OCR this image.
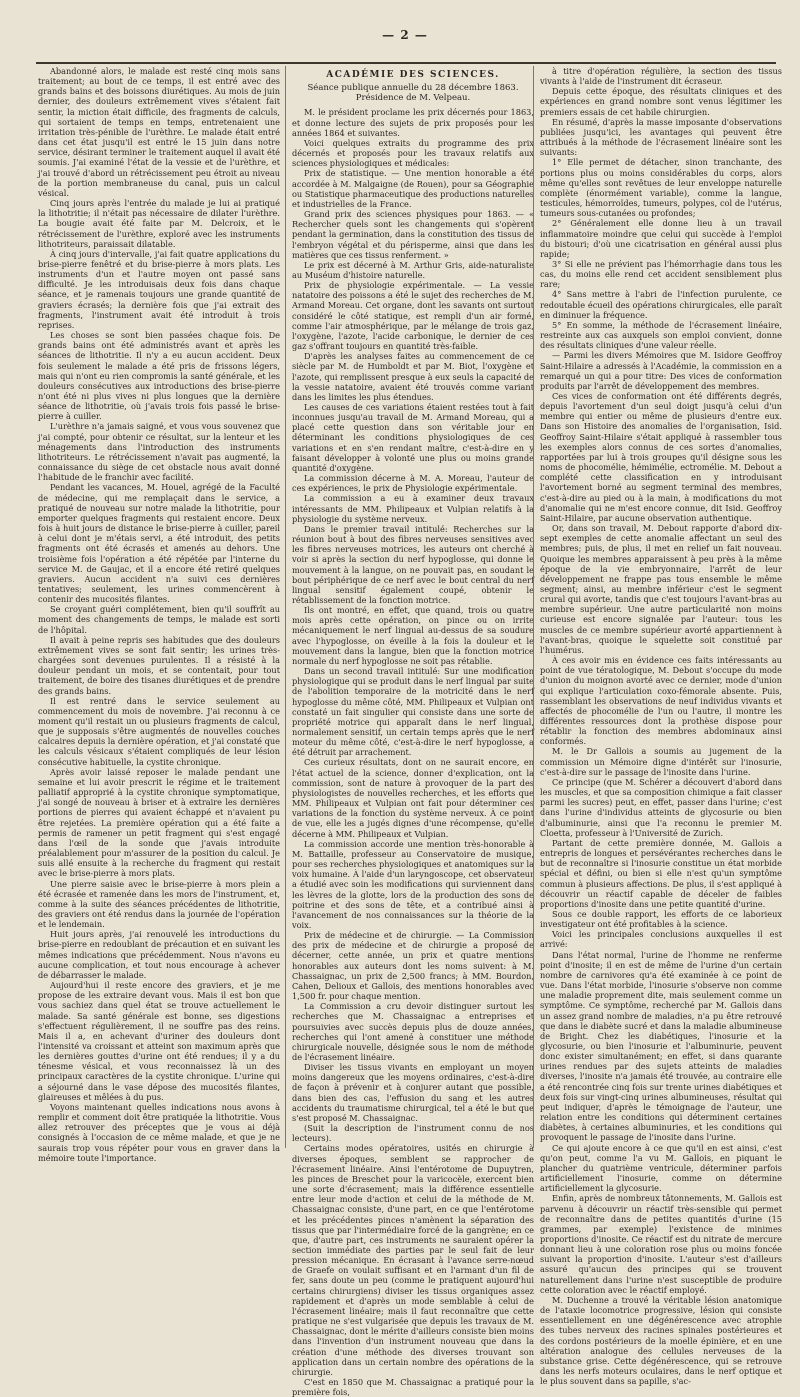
— 2 —

Abandonné alors, le malade est resté cinq mois sans traitement; au bout de ce temps, il est entré avec des grands bains et des boissons diurétiques. Au mois de juin dernier, des douleurs extrêmement vives s'étaient fait sentir, la miction était difficile, des fragments de calculs, qui sortaient de temps en temps, entretenaient une irritation très-pénible de l'urèthre. Le malade était entré dans cet état jusqu'il est entré le 15 juin dans notre service, désirant terminer le traitement auquel il avait été soumis. J'ai examiné l'état de la vessie et de l'urèthre, et j'ai trouvé d'abord un rétrécissement peu étroit au niveau de la portion membraneuse du canal, puis un calcul vésical.

Cinq jours après l'entrée du malade je lui ai pratiqué la lithotritie; il n'était pas nécessaire de dilater l'urèthre. La bougie avait été faite par M. Delcroix, et le rétrécissement de l'urèthre, exploré avec les instruments lithotriteurs, paraissait dilatable.

À cinq jours d'intervalle, j'ai fait quatre applications du brise-pierre fenêtré et du brise-pierre à mors plats. Les instruments d'un et l'autre moyen ont passé sans difficulté. Je les introduisais deux fois dans chaque séance, et je ramenais toujours une grande quantité de graviers écrasés; la dernière fois que j'ai extrait des fragments, l'instrument avait été introduit à trois reprises.

Les choses se sont bien passées chaque fois. De grands bains ont été administrés avant et après les séances de lithotritie. Il n'y a eu aucun accident. Deux fois seulement le malade a été pris de frissons légers, mais qui n'ont eu rien compromis la santé générale, et les douleurs consécutives aux introductions des brise-pierre n'ont été ni plus vives ni plus longues que la dernière séance de lithotritie, où j'avais trois fois passé le brise-pierre à cuiller.

L'urèthre n'a jamais saigné, et vous vous souvenez que j'ai compté, pour obtenir ce résultat, sur la lenteur et les ménagements dans l'introduction des instruments lithotriteurs. Le rétrécissement n'avait pas augmenté, la connaissance du siège de cet obstacle nous avait donné l'habitude de le franchir avec facilité.

Pendant les vacances, M. Houel, agrégé de la Faculté de médecine, qui me remplaçait dans le service, a pratiqué de nouveau sur notre malade la lithotritie, pour emporter quelques fragments qui restaient encore. Deux fois à huit jours de distance le brise-pierre à cuiller, pareil à celui dont je m'étais servi, a été introduit, des petits fragments ont été écrasés et amenés au dehors. Une troisième fois l'opération a été répétée par l'interne du service M. de Gaujac, et il a encore été retiré quelques graviers. Aucun accident n'a suivi ces dernières tentatives; seulement, les urines commencèrent à contenir des mucosités filantes.

Se croyant guéri complétement, bien qu'il souffrît au moment des changements de temps, le malade est sorti de l'hôpital.

Il avait à peine repris ses habitudes que des douleurs extrêmement vives se sont fait sentir; les urines très-chargées sont devenues purulentes. Il a résisté à la douleur pendant un mois, et se contentait, pour tout traitement, de boire des tisanes diurétiques et de prendre des grands bains.

Il est rentré dans le service seulement au commencement du mois de novembre. J'ai reconnu à ce moment qu'il restait un ou plusieurs fragments de calcul, que je supposais s'être augmentés de nouvelles couches calcaires depuis la dernière opération, et j'ai constaté que les calculs vésicaux s'étaient compliqués de leur lésion consécutive habituelle, la cystite chronique.

Après avoir laissé reposer le malade pendant une semaine et lui avoir prescrit le régime et le traitement palliatif approprié à la cystite chronique symptomatique, j'ai songé de nouveau à briser et à extraire les dernières portions de pierres qui avaient échappé et n'avaient pu être rejetées. La première opération qui a été faite a permis de ramener un petit fragment qui s'est engagé dans l'œil de la sonde que j'avais introduite préalablement pour m'assurer de la position du calcul. Je suis allé ensuite à la recherche du fragment qui restait avec le brise-pierre à mors plats.

Une pierre saisie avec le brise-pierre à mors plein a été écrasée et ramenée dans les mors de l'instrument, et, comme à la suite des séances précédentes de lithotritie, des graviers ont été rendus dans la journée de l'opération et le lendemain.

Huit jours après, j'ai renouvelé les introductions du brise-pierre en redoublant de précaution et en suivant les mêmes indications que précédemment. Nous n'avons eu aucune complication, et tout nous encourage à achever de débarrasser le malade.

Aujourd'hui il reste encore des graviers, et je me propose de les extraire devant vous. Mais il est bon que vous sachiez dans quel état se trouve actuellement le malade. Sa santé générale est bonne, ses digestions s'effectuent régulièrement, il ne souffre pas des reins. Mais il a, en achevant d'uriner des douleurs dont l'intensité va croissant et atteint son maximum après que les dernières gouttes d'urine ont été rendues; il y a du ténesme vésical, et vous reconnaissez là un des principaux caractères de la cystite chronique. L'urine qui a séjourné dans le vase dépose des mucosités filantes, glaireuses et mêlées à du pus.

Voyons maintenant quelles indications nous avons à remplir et comment doit être pratiquée la lithotritie. Vous allez retrouver des préceptes que je vous ai déjà consignés à l'occasion de ce même malade, et que je ne saurais trop vous répéter pour vous en graver dans la mémoire toute l'importance.

ACADÉMIE DES SCIENCES.
Séance publique annuelle du 28 décembre 1863.
Présidence de M. Velpeau.

M. le président proclame les prix décernés pour 1863, et donne lecture des sujets de prix proposés pour les années 1864 et suivantes.

Voici quelques extraits du programme des prix décernés et proposés pour les travaux relatifs aux sciences physiologiques et médicales:

Prix de statistique. — Une mention honorable a été accordée à M. Malgaigne (de Rouen), pour sa Géographie ou Statistique pharmaceutique des productions naturelles et industrielles de la France.

Grand prix des sciences physiques pour 1863. — « Rechercher quels sont les changements qui s'opèrent pendant la germination, dans la constitution des tissus de l'embryon végétal et du périsperme, ainsi que dans les matières que ces tissus renferment. »

Le prix est décerné à M. Arthur Gris, aide-naturaliste au Muséum d'histoire naturelle.

Prix de physiologie expérimentale. — La vessie natatoire des poissons a été le sujet des recherches de M. Armand Moreau. Cet organe, dont les savants ont surtout considéré le côté statique, est rempli d'un air formé, comme l'air atmosphérique, par le mélange de trois gaz, l'oxygène, l'azote, l'acide carbonique, le dernier de ces gaz s'offrant toujours en quantité très-faible.

D'après les analyses faites au commencement de ce siècle par M. de Humboldt et par M. Biot, l'oxygène et l'azote, qui remplissent presque à eux seuls la capacité de la vessie natatoire, avaient été trouvés comme variant dans les limites les plus étendues.

Les causes de ces variations étaient restées tout à fait inconnues jusqu'au travail de M. Armand Moreau, qui a placé cette question dans son véritable jour en déterminant les conditions physiologiques de ces variations et en s'en rendant maître, c'est-à-dire en y faisant développer à volonté une plus ou moins grande quantité d'oxygène.

La commission décerne à M. A. Moreau, l'auteur de ces expériences, le prix de Physiologie expérimentale.

La commission a eu à examiner deux travaux intéressants de MM. Philipeaux et Vulpian relatifs à la physiologie du système nerveux.

Dans le premier travail intitulé: Recherches sur la réunion bout à bout des fibres nerveuses sensitives avec les fibres nerveuses motrices, les auteurs ont cherché à voir si après la section du nerf hypoglosse, qui donne le mouvement à la langue, on ne pouvait pas, en soudant le bout périphérique de ce nerf avec le bout central du nerf lingual sensitif également coupé, obtenir le rétablissement de la fonction motrice.

Ils ont montré, en effet, que quand, trois ou quatre mois après cette opération, on pince ou on irrite mécaniquement le nerf lingual au-dessus de sa soudure avec l'hypoglosse, on éveille à la fois la douleur et le mouvement dans la langue, bien que la fonction motrice normale du nerf hypoglosse ne soit pas rétablie.

Dans un second travail intitulé: Sur une modification physiologique qui se produit dans le nerf lingual par suite de l'abolition temporaire de la motricité dans le nerf hypoglosse du même côté, MM. Philipeaux et Vulpian ont constaté un fait singulier qui consiste dans une sorte de propriété motrice qui apparaît dans le nerf lingual, normalement sensitif, un certain temps après que le nerf moteur du même côté, c'est-à-dire le nerf hypoglosse, a été détruit par arrachement.

Ces curieux résultats, dont on ne saurait encore, en l'état actuel de la science, donner d'explication, ont la commission, sont de nature à provoquer de la part des physiologistes de nouvelles recherches, et les efforts que MM. Philipeaux et Vulpian ont fait pour déterminer ces variations de la fonction du système nerveux. À ce point de vue, elle les a jugés dignes d'une récompense, qu'elle décerne à MM. Philipeaux et Vulpian.

La commission accorde une mention très-honorable à M. Battaille, professeur au Conservatoire de musique, pour ses recherches physiologiques et anatomiques sur la voix humaine. À l'aide d'un laryngoscope, cet observateur a étudié avec soin les modifications qui surviennent dans les lèvres de la glotte, lors de la production des sons de poitrine et des sons de tête, et a contribué ainsi à l'avancement de nos connaissances sur la théorie de la voix.

Prix de médecine et de chirurgie. — La Commission des prix de médecine et de chirurgie a proposé de décerner, cette année, un prix et quatre mentions honorables aux auteurs dont les noms suivent: à M. Chassaignac, un prix de 2,500 francs; à MM. Bourdon, Cahen, Delioux et Gallois, des mentions honorables avec 1,500 fr. pour chaque mention.

La Commission a cru devoir distinguer surtout les recherches que M. Chassaignac a entreprises et poursuivies avec succès depuis plus de douze années, recherches qui l'ont amené à constituer une méthode chirurgicale nouvelle, désignée sous le nom de méthode de l'écrasement linéaire.

Diviser les tissus vivants en employant un moyen moins dangereux que les moyens ordinaires, c'est-à-dire de façon à prévenir et à conjurer autant que possible, dans bien des cas, l'effusion du sang et les autres accidents du traumatisme chirurgical, tel a été le but que s'est proposé M. Chassaignac.

(Suit la description de l'instrument connu de nos lecteurs).

Certains modes opératoires, usités en chirurgie à diverses époques, semblent se rapprocher de l'écrasement linéaire. Ainsi l'entérotome de Dupuytren, les pinces de Breschet pour la varicocèle, exercent bien une sorte d'écrasement; mais la différence essentielle entre leur mode d'action et celui de la méthode de M. Chassaignac consiste, d'une part, en ce que l'entérotome et les précédentes pinces n'amènent la séparation des tissus que par l'intermédiaire forcé de la gangrène; en ce que, d'autre part, ces instruments ne sauraient opérer la section immédiate des parties par le seul fait de leur pression mécanique. En écrasant à l'avance serre-nœud de Graefe on voulait suffisant et en l'armant d'un fil de fer, sans doute un peu (comme le pratiquent aujourd'hui certains chirurgiens) diviser les tissus organiques assez rapidement et d'après un mode semblable à celui de l'écrasement linéaire; mais il faut reconnaître que cette pratique ne s'est vulgarisée que depuis les travaux de M. Chassaignac, dont le mérite d'ailleurs consiste bien moins dans l'invention d'un instrument nouveau que dans la création d'une méthode des diverses trouvant son application dans un certain nombre des opérations de la chirurgie.

C'est en 1850 que M. Chassaignac a pratiqué pour la première fois,

à titre d'opération régulière, la section des tissus vivants à l'aide de l'instrument dit écraseur.

Depuis cette époque, des résultats cliniques et des expériences en grand nombre sont venus légitimer les premiers essais de cet habile chirurgien.

En résumé, d'après la masse imposante d'observations publiées jusqu'ici, les avantages qui peuvent être attribués à la méthode de l'écrasement linéaire sont les suivants:

1° Elle permet de détacher, sinon tranchante, des portions plus ou moins considérables du corps, alors même qu'elles sont revêtues de leur enveloppe naturelle complète (énormément variable), comme la langue, testicules, hémorroïdes, tumeurs, polypes, col de l'utérus, tumeurs sous-cutanées ou profondes;

2° Généralement elle donne lieu à un travail inflammatoire moindre que celui qui succède à l'emploi du bistouri; d'où une cicatrisation en général aussi plus rapide;

3° Si elle ne prévient pas l'hémorrhagie dans tous les cas, du moins elle rend cet accident sensiblement plus rare;

4° Sans mettre à l'abri de l'infection purulente, ce redoutable écueil des opérations chirurgicales, elle paraît en diminuer la fréquence.

5° En somme, la méthode de l'écrasement linéaire, restreinte aux cas auxquels son emploi convient, donne des résultats cliniques d'une valeur réelle.

— Parmi les divers Mémoires que M. Isidore Geoffroy Saint-Hilaire a adressés à l'Académie, la commission en a remarqué un qui a pour titre: Des vices de conformation produits par l'arrêt de développement des membres.

Ces vices de conformation ont été différents degrés, depuis l'avortement d'un seul doigt jusqu'à celui d'un membre qui entier ou même de plusieurs d'entre eux. Dans son Histoire des anomalies de l'organisation, Isid. Geoffroy Saint-Hilaire s'était appliqué à rassembler tous les exemples alors connus de ces sortes d'anomalies, rapportées par lui à trois groupes qu'il désigne sous les noms de phocomélie, hémimélie, ectromélie. M. Debout a complété cette classification en y introduisant l'avortement borné au segment terminal des membres, c'est-à-dire au pied ou à la main, à modifications du mot d'anomalie qui ne m'est encore connue, dit Isid. Geoffroy Saint-Hilaire, par aucune observation authentique.

Or, dans son travail, M. Debout rapporte d'abord dix-sept exemples de cette anomalie affectant un seul des membres; puis, de plus, il met en relief un fait nouveau. Quoique les membres apparaissent à peu près à la même époque de la vie embryonnaire, l'arrêt de leur développement ne frappe pas tous ensemble le même segment; ainsi, au membre inférieur c'est le segment crural qui avorte, tandis que c'est toujours l'avant-bras au membre supérieur. Une autre particularité non moins curieuse est encore signalée par l'auteur: tous les muscles de ce membre supérieur avorté appartiennent à l'avant-bras, quoique le squelette soit constitué par l'humérus.

À ces avoir mis en évidence ces faits intéressants au point de vue tératologique, M. Debout s'occupe du mode d'union du moignon avorté avec ce dernier, mode d'union qui explique l'articulation coxo-fémorale absente. Puis, rassemblant les observations de neuf individus vivants et affectés de phocomélie de l'un ou l'autre, il montre les différentes ressources dont la prothèse dispose pour rétablir la fonction des membres abdominaux ainsi conformés.

M. le Dr Gallois a soumis au jugement de la commission un Mémoire digne d'intérêt sur l'inosurie, c'est-à-dire sur le passage de l'inosite dans l'urine.

Ce principe (que M. Schérer a découvert d'abord dans les muscles, et que sa composition chimique a fait classer parmi les sucres) peut, en effet, passer dans l'urine; c'est dans l'urine d'individus atteints de glycosurie ou bien d'albuminurie, ainsi que l'a reconnu le premier M. Cloetta, professeur à l'Université de Zurich.

Partant de cette première donnée, M. Gallois a entrepris de longues et persévérantes recherches dans le but de reconnaître si l'inosurie constitue un état morbide spécial et défini, ou bien si elle n'est qu'un symptôme commun à plusieurs affections. De plus, il s'est appliqué à découvrir un réactif capable de déceler de faibles proportions d'inosite dans une petite quantité d'urine.

Sous ce double rapport, les efforts de ce laborieux investigateur ont été profitables à la science.

Voici les principales conclusions auxquelles il est arrivé:

Dans l'état normal, l'urine de l'homme ne renferme point d'inosite; il en est de même de l'urine d'un certain nombre de carnivores qu'a été examinée à ce point de vue. Dans l'état morbide, l'inosurie s'observe non comme une maladie proprement dite, mais seulement comme un symptôme. Ce symptôme, recherché par M. Gallois dans un assez grand nombre de maladies, n'a pu être retrouvé que dans le diabète sucré et dans la maladie albumineuse de Bright. Chez les diabétiques, l'inosurie et la glycosurie, ou bien l'inosurie et l'albuminurie, peuvent donc exister simultanément; en effet, si dans quarante urines rendues par des sujets atteints de maladies diverses, l'inosite n'a jamais été trouvée, au contraire elle a été rencontrée cinq fois sur trente urines diabétiques et deux fois sur vingt-cinq urines albumineuses, résultat qui peut indiquer, d'après le témoignage de l'auteur, une relation entre les conditions qui déterminent certaines diabètes, à certaines albuminuries, et les conditions qui provoquent le passage de l'inosite dans l'urine.

Ce qui ajoute encore à ce que qu'il en est ainsi, c'est qu'on peut, comme l'a vu M. Gallois, en piquant le plancher du quatrième ventricule, déterminer parfois artificiellement l'inosurie, comme on détermine artificiellement la glycosurie.

Enfin, après de nombreux tâtonnements, M. Gallois est parvenu à découvrir un réactif très-sensible qui permet de reconnaître dans de petites quantités d'urine (15 grammes, par exemple) l'existence de minimes proportions d'inosite. Ce réactif est du nitrate de mercure donnant lieu à une coloration rose plus ou moins foncée suivant la proportion d'inosite. L'auteur s'est d'ailleurs assuré qu'aucun des principes qui se trouvent naturellement dans l'urine n'est susceptible de produire cette coloration avec le réactif employé.

M. Duchenne a trouvé la véritable lésion anatomique de l'ataxie locomotrice progressive, lésion qui consiste essentiellement en une dégénérescence avec atrophie des tubes nerveux des racines spinales postérieures et des cordons postérieurs de la moelle épinière, et en une altération analogue des cellules nerveuses de la substance grise. Cette dégénérescence, qui se retrouve dans les nerfs moteurs oculaires, dans le nerf optique et le plus souvent dans sa papille, s'ac-
